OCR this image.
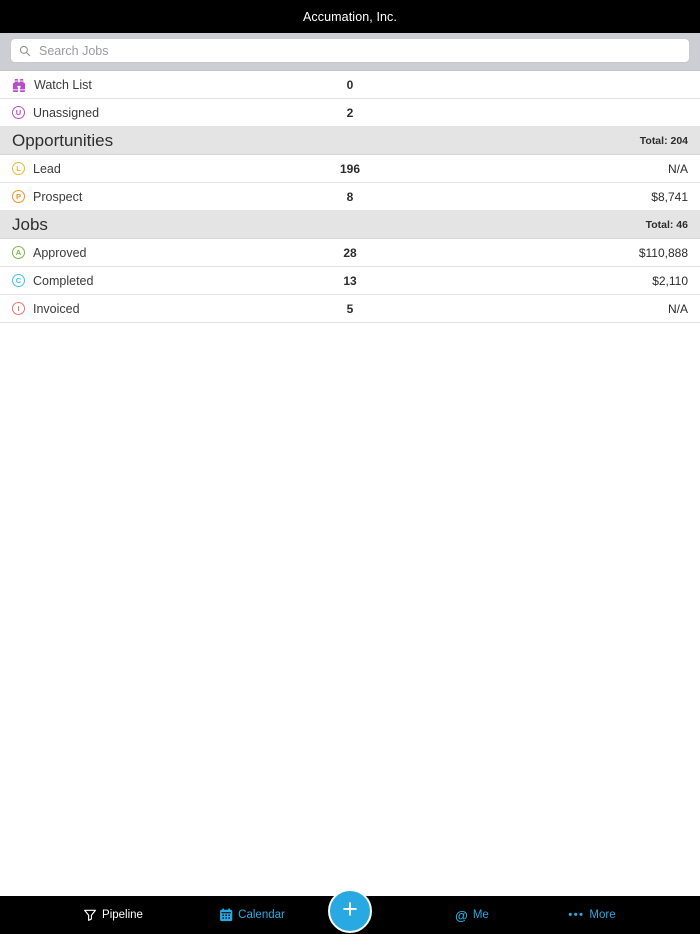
Accumation, Inc.
Search Jobs
Watch List	0
U Unassigned	2
Opportunities	Total: 204
L Lead	196	N/A
P Prospect	8	$8,741
Jobs	Total: 46
A Approved	28	$110,888
C Completed	13	$2,110
I	Invoiced	5	N/A
+
Pipeline	Calendar	@ Me	••• More
